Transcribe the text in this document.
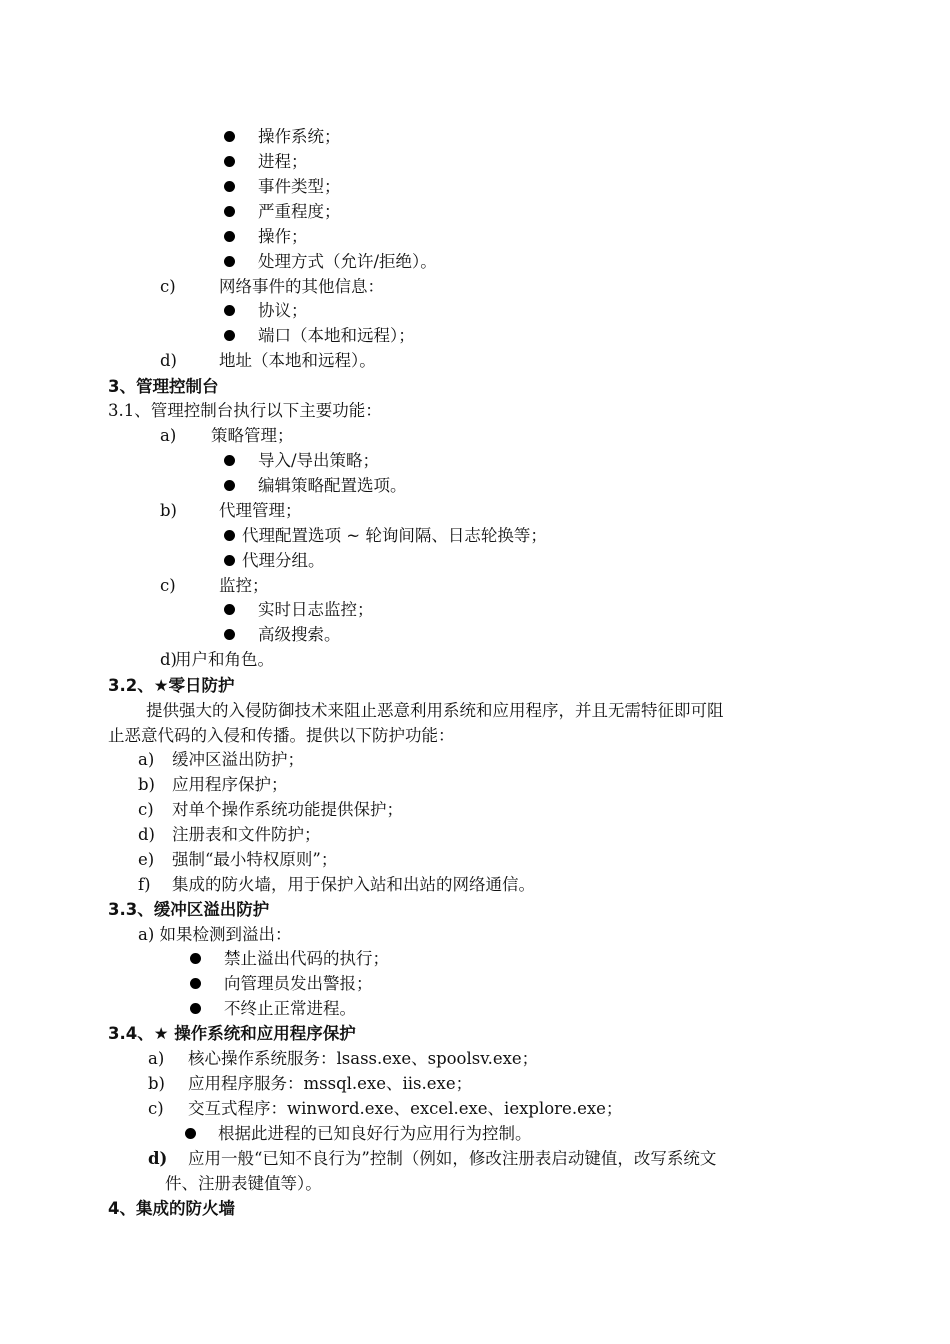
操作系统；
进程；
事件类型；
严重程度；
操作；
处理方式（允许/拒绝）。
c)	网络事件的其他信息：
协议；
端口（本地和远程）；
d)	地址（本地和远程）。
3、管理控制台
3.1、管理控制台执行以下主要功能：
a) 策略管理；
导入/导出策略；
编辑策略配置选项。
b)	代理管理；
代理配置选项 ~ 轮询间隔、日志轮换等；
代理分组。
c)	监控；
实时日志监控；
高级搜索。
d)
用户和角色。
3.2、★零日防护
提供强大的入侵防御技术来阻止恶意利用系统和应用程序，并且无需特征即可阻
止恶意代码的入侵和传播。提供以下防护功能：
a) 缓冲区溢出防护；
b) 应用程序保护；
c) 对单个操作系统功能提供保护；
d) 注册表和文件防护；
e) 强制“最小特权原则”；
f) 集成的防火墙，用于保护入站和出站的网络通信。
3.3、缓冲区溢出防护
a) 如果检测到溢出：
禁止溢出代码的执行；
向管理员发出警报；
不终止正常进程。
3.4、★ 操作系统和应用程序保护
a) 核心操作系统服务：lsass.exe、spoolsv.exe；
b) 应用程序服务：mssql.exe、iis.exe；
c) 交互式程序：winword.exe、excel.exe、iexplore.exe；
根据此进程的已知良好行为应用行为控制。
d) 应用一般“已知不良行为”控制（例如，修改注册表启动键值，改写系统文
件、注册表键值等）。
4、集成的防火墙
